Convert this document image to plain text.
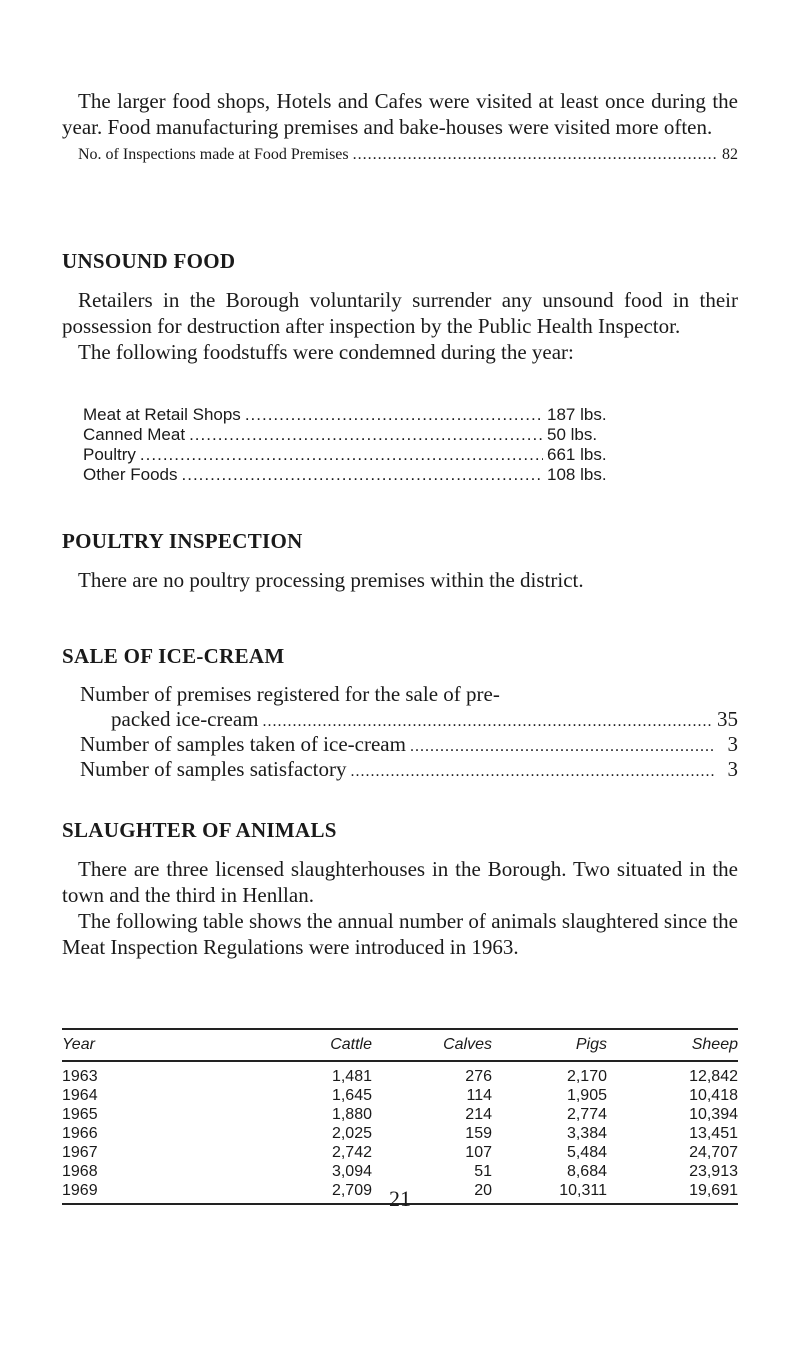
The larger food shops, Hotels and Cafes were visited at least once during the year. Food manufacturing premises and bake-houses were visited more often.

No. of Inspections made at Food Premises .....	82
UNSOUND FOOD

Retailers in the Borough voluntarily surrender any unsound food in their possession for destruction after inspection by the Public Health Inspector.

The following foodstuffs were condemned during the year:

Meat at Retail Shops .....	187 lbs.
Canned Meat .....	50 lbs.
Poultry .....	661 lbs.
Other Foods .....	108 lbs.
POULTRY INSPECTION

There are no poultry processing premises within the district.

SALE OF ICE-CREAM

Number of premises registered for the sale of pre-

packed ice-cream .....	35
Number of samples taken of ice-cream .....	3
Number of samples satisfactory .....	3
SLAUGHTER OF ANIMALS

There are three licensed slaughterhouses in the Borough. Two situated in the town and the third in Henllan.

The following table shows the annual number of animals slaughtered since the Meat Inspection Regulations were introduced in 1963.

Year	Cattle	Calves	Pigs	Sheep
1963	1,481	276	2,170	12,842
1964	1,645	114	1,905	10,418
1965	1,880	214	2,774	10,394
1966	2,025	159	3,384	13,451
1967	2,742	107	5,484	24,707
1968	3,094	51	8,684	23,913
1969	2,709	20	10,311	19,691
21
